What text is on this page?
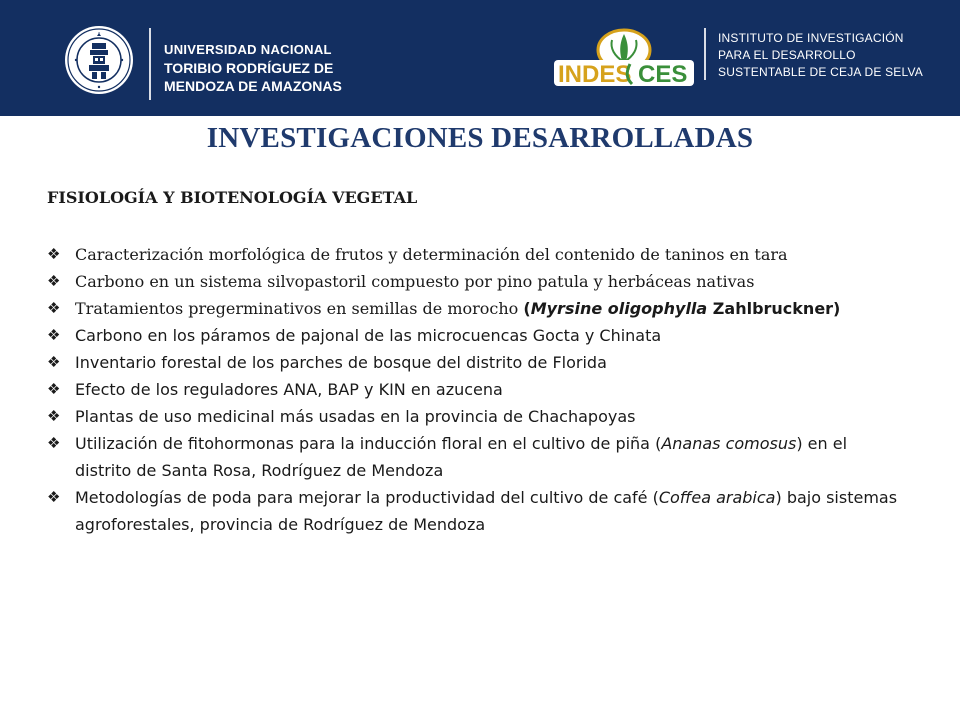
•
UNIVERSIDAD NACIONAL
TORIBIO RODRÍGUEZ DE
MENDOZA DE AMAZONAS	INDES CES
INSTITUTO DE INVESTIGACIÓN
PARA EL DESARROLLO
SUSTENTABLE DE CEJA DE SELVA
INVESTIGACIONES DESARROLLADAS
FISIOLOGÍA Y BIOTENOLOGÍA VEGETAL
❖ Caracterización morfológica de frutos y determinación del contenido de taninos en tara
❖ Carbono en un sistema silvopastoril compuesto por pino patula y herbáceas nativas
❖ Tratamientos pregerminativos en semillas de morocho (Myrsine oligophylla Zahlbruckner)
❖ Carbono en los páramos de pajonal de las microcuencas Gocta y Chinata
❖ Inventario forestal de los parches de bosque del distrito de Florida
❖ Efecto de los reguladores ANA, BAP y KIN en azucena
❖ Plantas de uso medicinal más usadas en la provincia de Chachapoyas
❖ Utilización de fitohormonas para la inducción floral en el cultivo de piña (Ananas comosus) en el distrito de Santa Rosa, Rodríguez de Mendoza
❖ Metodologías de poda para mejorar la productividad del cultivo de café (Coffea arabica) bajo sistemas agroforestales, provincia de Rodríguez de Mendoza
